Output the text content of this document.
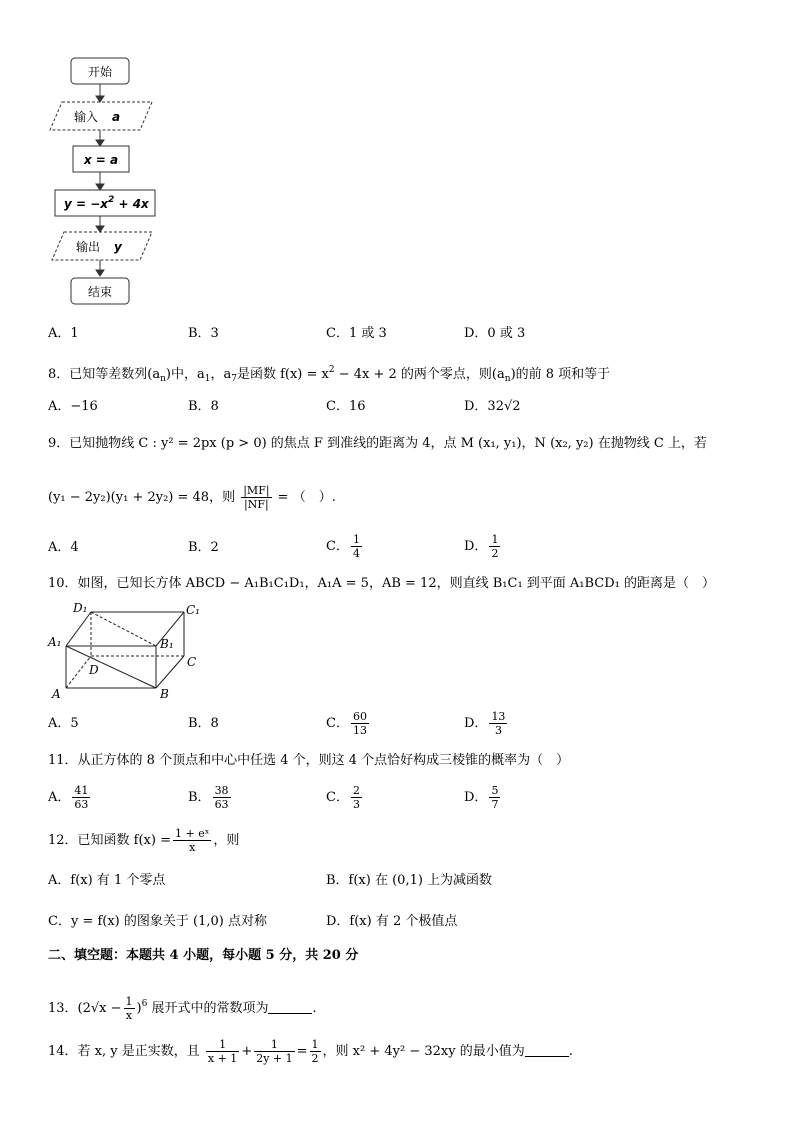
开始
输入 a
x = a
$y = -x^2 + 4x$
输出 y
结束
A．1	B．3	C．1 或 3	D．0 或 3
8．已知等差数列$(a_n)$中，$a_1$，$a_7$是函数 $f(x) = x^2 - 4x + 2$ 的两个零点，则$(a_n)$的前 8 项和等于
A．−16	B．8	C．16	D．32√2
9．已知抛物线 C : y² = 2px (p > 0) 的焦点 F 到准线的距离为 4，点 M (x₁, y₁)，N (x₂, y₂) 在抛物线 C 上，若
(y₁ − 2y₂)(y₁ + 2y₂) = 48，则 $\frac{|MF|}{|NF|}$ = （　）.
A．4	B．2	C． $\frac{1}{4}$	D． $\frac{1}{2}$
10．如图，已知长方体 ABCD − A₁B₁C₁D₁，A₁A = 5，AB = 12，则直线 B₁C₁ 到平面 A₁BCD₁ 的距离是（　）
D₁	C₁
A₁	B₁
C
D
A	B
A．5	B．8	C． $\frac{60}{13}$	D． $\frac{13}{3}$
11．从正方体的 8 个顶点和中心中任选 4 个，则这 4 个点恰好构成三棱锥的概率为（　）
A． $\frac{41}{63}$	B． $\frac{38}{63}$	C． $\frac{2}{3}$	D． $\frac{5}{7}$
12．已知函数 $f(x) = \frac{\text{1 + eˣ}}{x}$ ，则
A．f(x) 有 1 个零点	B．f(x) 在 (0,1) 上为减函数
C．y = f(x) 的图象关于 (1,0) 点对称	D．f(x) 有 2 个极值点
二、填空题：本题共 4 小题，每小题 5 分，共 20 分
13．$(2√x - \frac{1}{x} )^6$ 展开式中的常数项为	.
14．若 x, y 是正实数，且 $\frac{1}{x + 1} + \frac{1}{2y + 1} = \frac{1}{2}$ ，则 x² + 4y² − 32xy 的最小值为	.
